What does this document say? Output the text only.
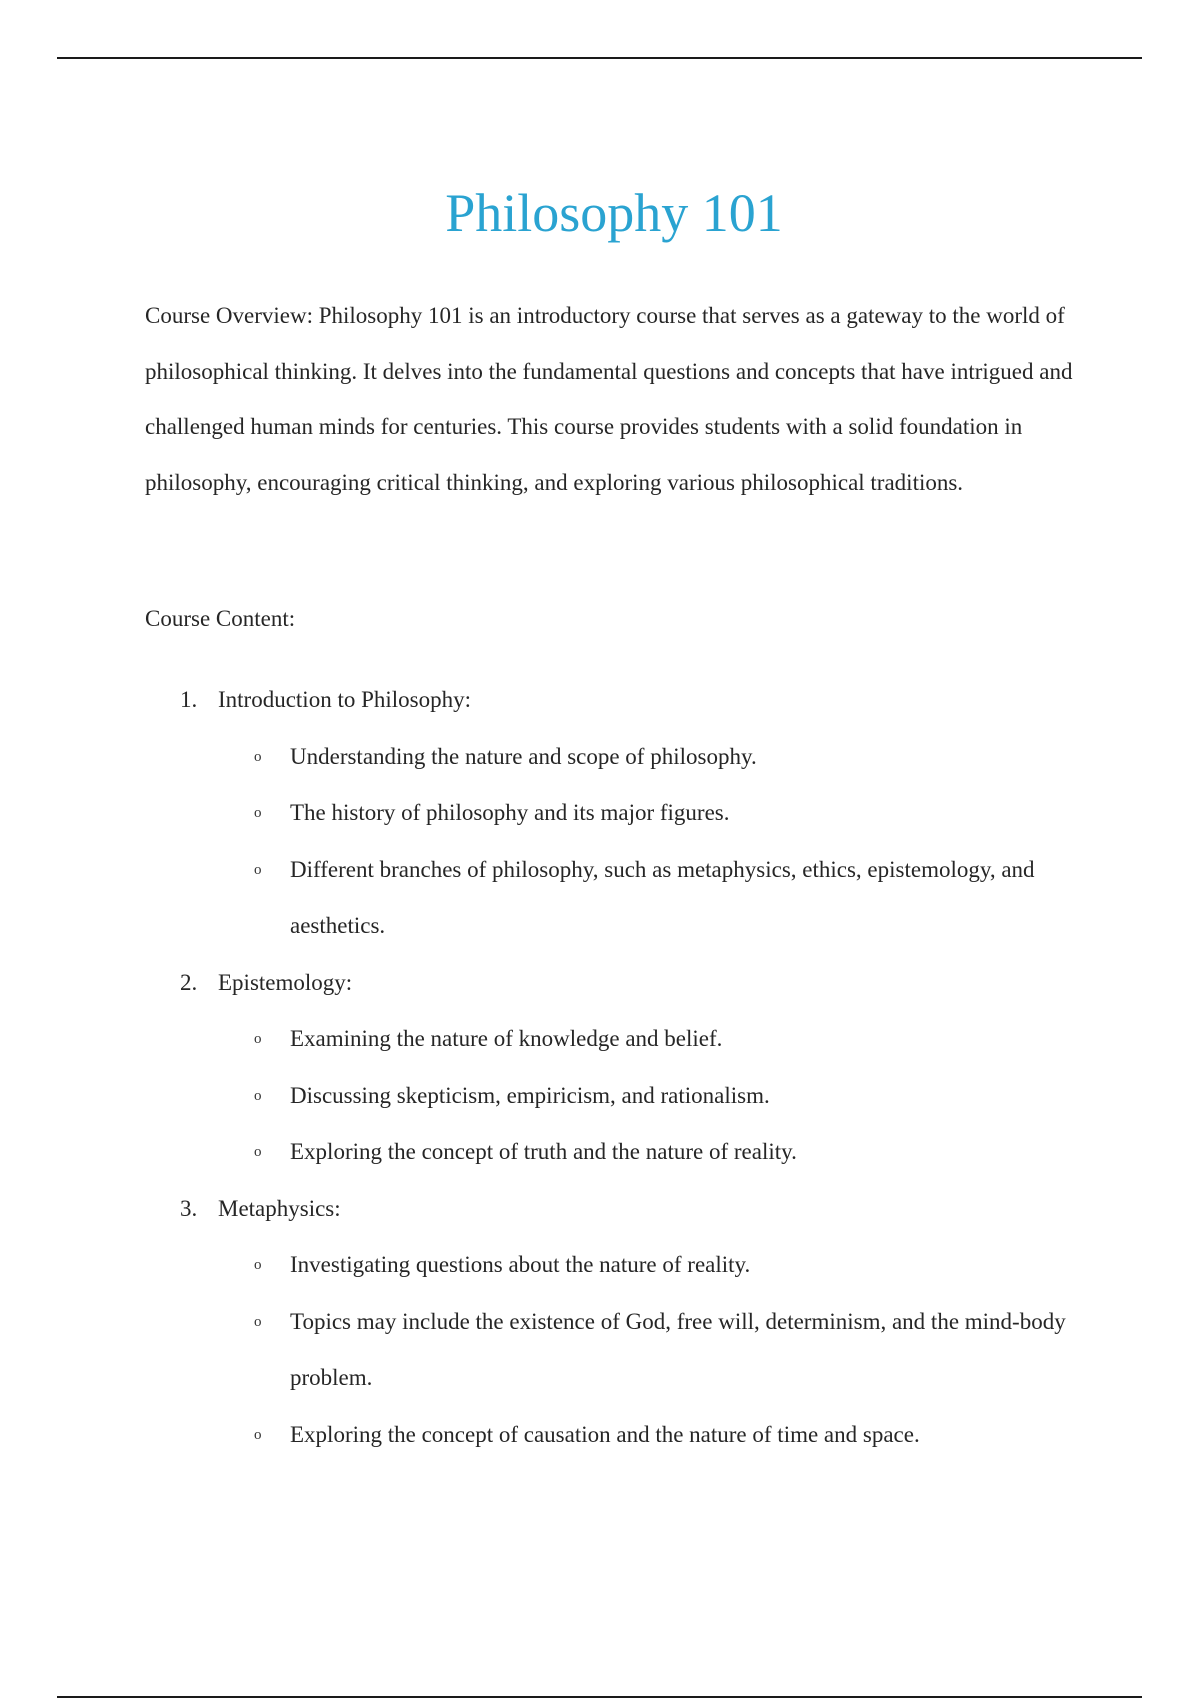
Philosophy 101

Course Overview: Philosophy 101 is an introductory course that serves as a gateway to the world of philosophical thinking. It delves into the fundamental questions and concepts that have intrigued and challenged human minds for centuries. This course provides students with a solid foundation in philosophy, encouraging critical thinking, and exploring various philosophical traditions.

Course Content:

1. Introduction to Philosophy:
o Understanding the nature and scope of philosophy.
o The history of philosophy and its major figures.
o Different branches of philosophy, such as metaphysics, ethics, epistemology, and aesthetics.
2. Epistemology:
o Examining the nature of knowledge and belief.
o Discussing skepticism, empiricism, and rationalism.
o Exploring the concept of truth and the nature of reality.
3. Metaphysics:
o Investigating questions about the nature of reality.
o Topics may include the existence of God, free will, determinism, and the mind-body problem.
o Exploring the concept of causation and the nature of time and space.
